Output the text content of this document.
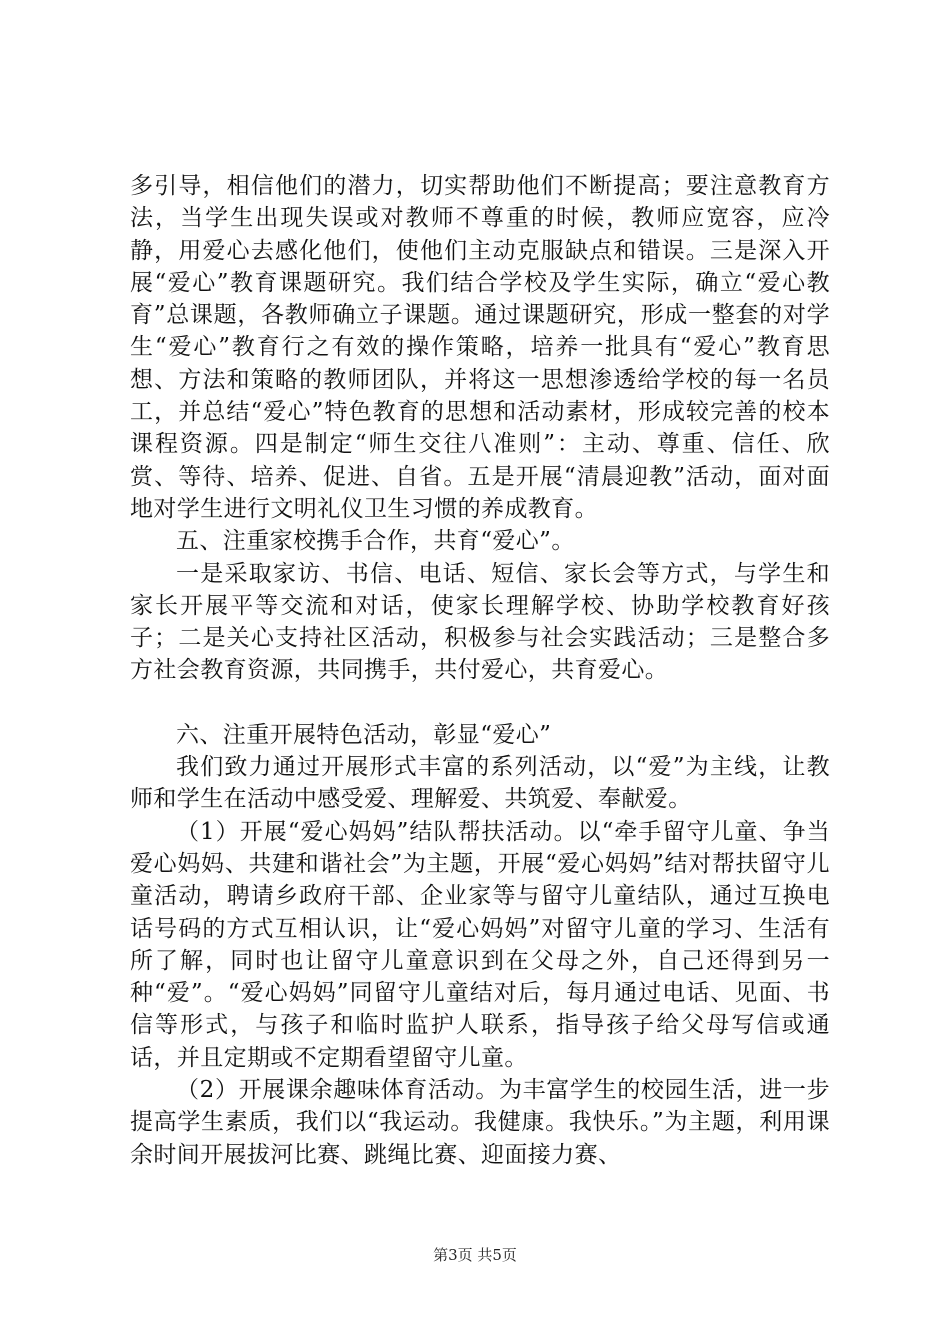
多引导，相信他们的潜力，切实帮助他们不断提高；要注意教育方法，当学生出现失误或对教师不尊重的时候，教师应宽容，应冷静，用爱心去感化他们，使他们主动克服缺点和错误。三是深入开展“爱心”教育课题研究。我们结合学校及学生实际，确立“爱心教育”总课题，各教师确立子课题。通过课题研究，形成一整套的对学生“爱心”教育行之有效的操作策略，培养一批具有“爱心”教育思想、方法和策略的教师团队，并将这一思想渗透给学校的每一名员工，并总结“爱心”特色教育的思想和活动素材，形成较完善的校本课程资源。四是制定“师生交往八准则”：主动、尊重、信任、欣赏、等待、培养、促进、自省。五是开展“清晨迎教”活动，面对面地对学生进行文明礼仪卫生习惯的养成教育。

五、注重家校携手合作，共育“爱心”。

一是采取家访、书信、电话、短信、家长会等方式，与学生和家长开展平等交流和对话，使家长理解学校、协助学校教育好孩子；二是关心支持社区活动，积极参与社会实践活动；三是整合多方社会教育资源，共同携手，共付爱心，共育爱心。

六、注重开展特色活动，彰显“爱心”

我们致力通过开展形式丰富的系列活动，以“爱”为主线，让教师和学生在活动中感受爱、理解爱、共筑爱、奉献爱。

（1）开展“爱心妈妈”结队帮扶活动。以“牵手留守儿童、争当爱心妈妈、共建和谐社会”为主题，开展“爱心妈妈”结对帮扶留守儿童活动，聘请乡政府干部、企业家等与留守儿童结队，通过互换电话号码的方式互相认识，让“爱心妈妈”对留守儿童的学习、生活有所了解，同时也让留守儿童意识到在父母之外，自己还得到另一种“爱”。“爱心妈妈”同留守儿童结对后，每月通过电话、见面、书信等形式，与孩子和临时监护人联系，指导孩子给父母写信或通话，并且定期或不定期看望留守儿童。

（2）开展课余趣味体育活动。为丰富学生的校园生活，进一步提高学生素质，我们以“我运动。我健康。我快乐。”为主题，利用课余时间开展拔河比赛、跳绳比赛、迎面接力赛、

第3页 共5页
